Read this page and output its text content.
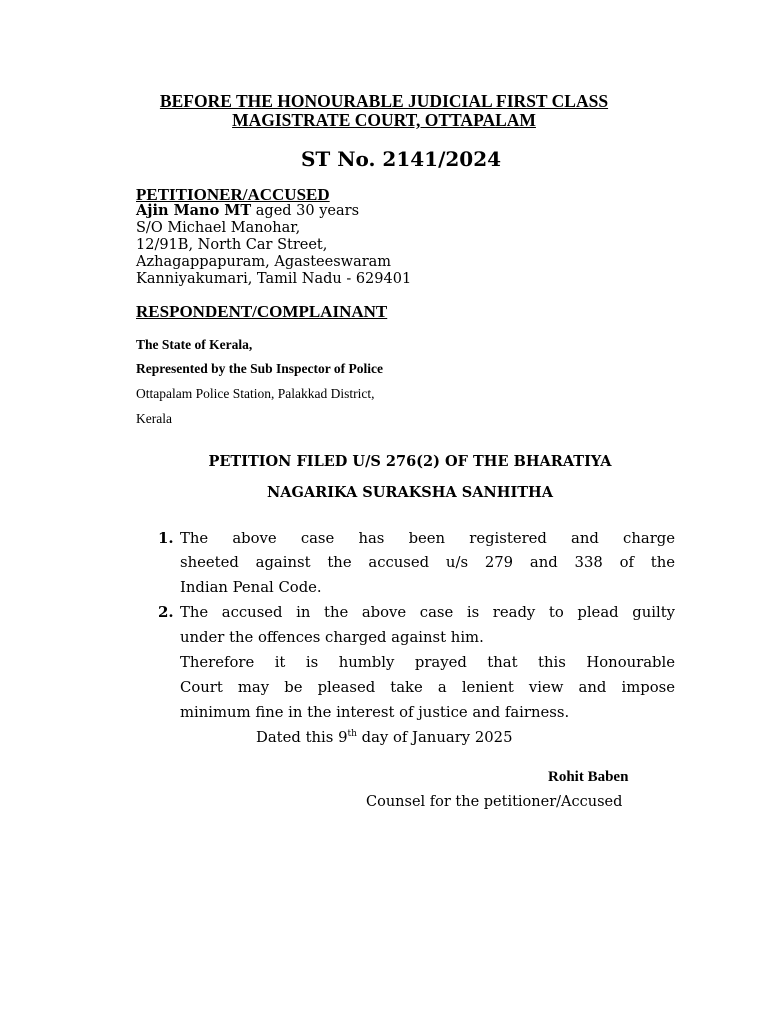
BEFORE THE HONOURABLE JUDICIAL FIRST CLASS
MAGISTRATE COURT, OTTAPALAM
ST No. 2141/2024
PETITIONER/ACCUSED
Ajin Mano MT aged 30 years
S/O Michael Manohar,
12/91B, North Car Street,
Azhagappapuram, Agasteeswaram
Kanniyakumari, Tamil Nadu - 629401
RESPONDENT/COMPLAINANT
The State of Kerala,
Represented by the Sub Inspector of Police
Ottapalam Police Station, Palakkad District,
Kerala
PETITION FILED U/S 276(2) OF THE BHARATIYA
NAGARIKA SURAKSHA SANHITHA
1. The above case has been registered and charge
sheeted against the accused u/s 279 and 338 of the
Indian Penal Code.
2. The accused in the above case is ready to plead guilty
under the offences charged against him.
Therefore it is humbly prayed that this Honourable
Court may be pleased take a lenient view and impose
minimum fine in the interest of justice and fairness.
Dated this 9th day of January 2025
Rohit Baben
Counsel for the petitioner/Accused
